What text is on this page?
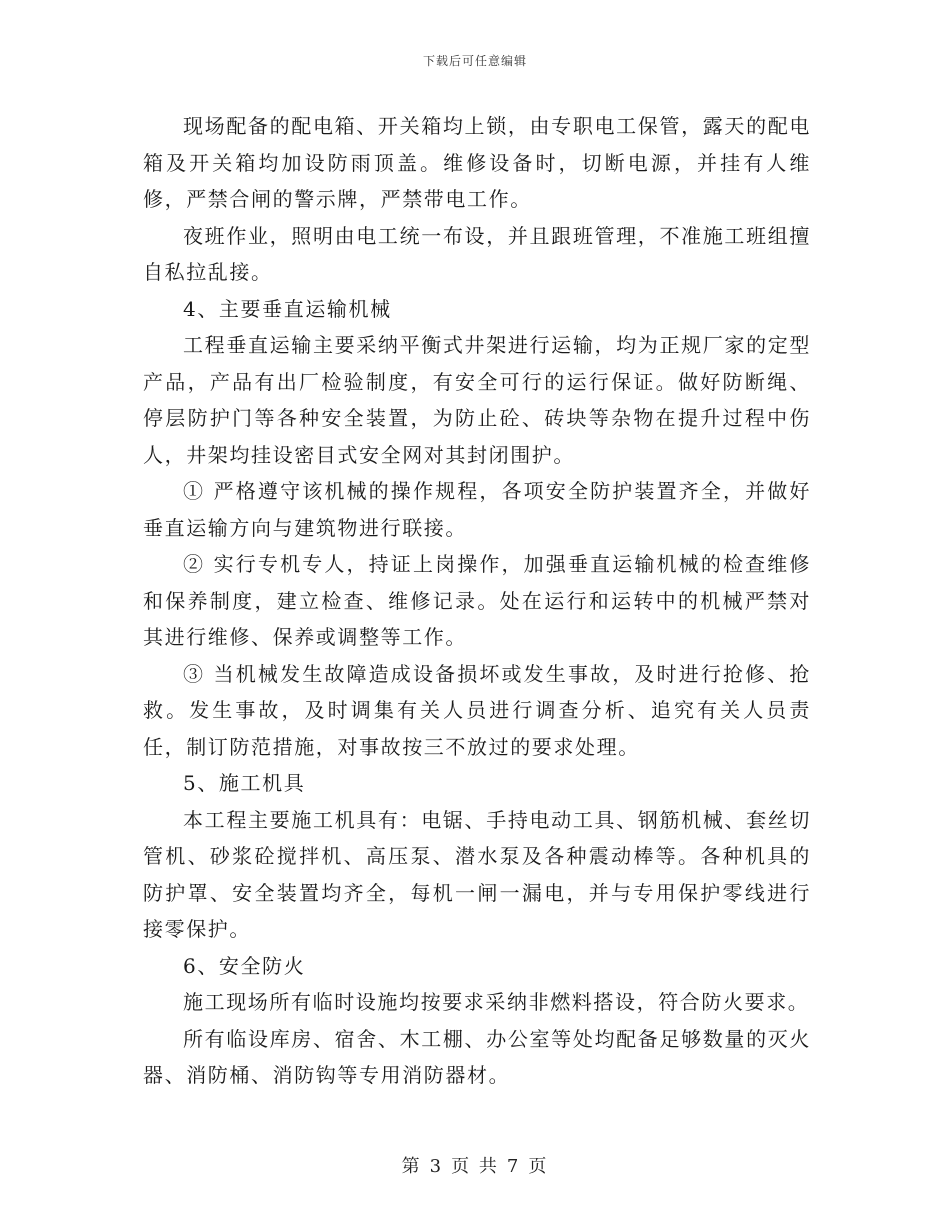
下载后可任意编辑

现场配备的配电箱、开关箱均上锁，由专职电工保管，露天的配电箱及开关箱均加设防雨顶盖。维修设备时，切断电源，并挂有人维修，严禁合闸的警示牌，严禁带电工作。

夜班作业，照明由电工统一布设，并且跟班管理，不准施工班组擅自私拉乱接。

4、主要垂直运输机械

工程垂直运输主要采纳平衡式井架进行运输，均为正规厂家的定型产品，产品有出厂检验制度，有安全可行的运行保证。做好防断绳、停层防护门等各种安全装置，为防止砼、砖块等杂物在提升过程中伤人，井架均挂设密目式安全网对其封闭围护。

① 严格遵守该机械的操作规程，各项安全防护装置齐全，并做好垂直运输方向与建筑物进行联接。

② 实行专机专人，持证上岗操作，加强垂直运输机械的检查维修和保养制度，建立检查、维修记录。处在运行和运转中的机械严禁对其进行维修、保养或调整等工作。

③ 当机械发生故障造成设备损坏或发生事故，及时进行抢修、抢救。发生事故，及时调集有关人员进行调查分析、追究有关人员责任，制订防范措施，对事故按三不放过的要求处理。

5、施工机具

本工程主要施工机具有：电锯、手持电动工具、钢筋机械、套丝切管机、砂浆砼搅拌机、高压泵、潜水泵及各种震动棒等。各种机具的防护罩、安全装置均齐全，每机一闸一漏电，并与专用保护零线进行接零保护。

6、安全防火

施工现场所有临时设施均按要求采纳非燃料搭设，符合防火要求。

所有临设库房、宿舍、木工棚、办公室等处均配备足够数量的灭火器、消防桶、消防钩等专用消防器材。

第 3 页 共 7 页
